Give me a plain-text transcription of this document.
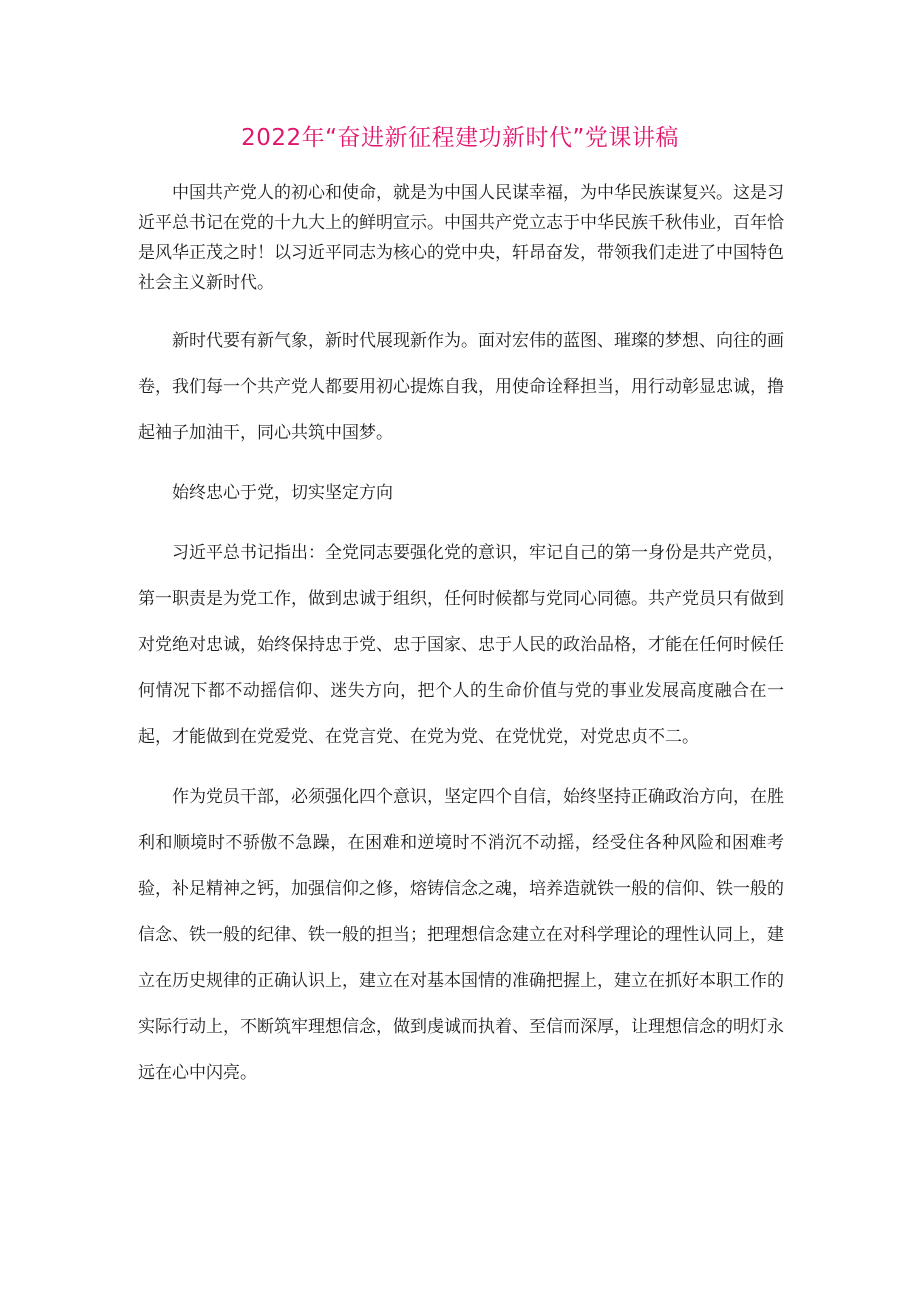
2022年“奋进新征程建功新时代”党课讲稿

中国共产党人的初心和使命，就是为中国人民谋幸福，为中华民族谋复兴。这是习近平总书记在党的十九大上的鲜明宣示。中国共产党立志于中华民族千秋伟业，百年恰是风华正茂之时！以习近平同志为核心的党中央，轩昂奋发，带领我们走进了中国特色社会主义新时代。

新时代要有新气象，新时代展现新作为。面对宏伟的蓝图、璀璨的梦想、向往的画卷，我们每一个共产党人都要用初心提炼自我，用使命诠释担当，用行动彰显忠诚，撸起袖子加油干，同心共筑中国梦。

始终忠心于党，切实坚定方向

习近平总书记指出：全党同志要强化党的意识，牢记自己的第一身份是共产党员，第一职责是为党工作，做到忠诚于组织，任何时候都与党同心同德。共产党员只有做到对党绝对忠诚，始终保持忠于党、忠于国家、忠于人民的政治品格，才能在任何时候任何情况下都不动摇信仰、迷失方向，把个人的生命价值与党的事业发展高度融合在一起，才能做到在党爱党、在党言党、在党为党、在党忧党，对党忠贞不二。

作为党员干部，必须强化四个意识，坚定四个自信，始终坚持正确政治方向，在胜利和顺境时不骄傲不急躁，在困难和逆境时不消沉不动摇，经受住各种风险和困难考验，补足精神之钙，加强信仰之修，熔铸信念之魂，培养造就铁一般的信仰、铁一般的信念、铁一般的纪律、铁一般的担当；把理想信念建立在对科学理论的理性认同上，建立在历史规律的正确认识上，建立在对基本国情的准确把握上，建立在抓好本职工作的实际行动上，不断筑牢理想信念，做到虔诚而执着、至信而深厚，让理想信念的明灯永远在心中闪亮。
